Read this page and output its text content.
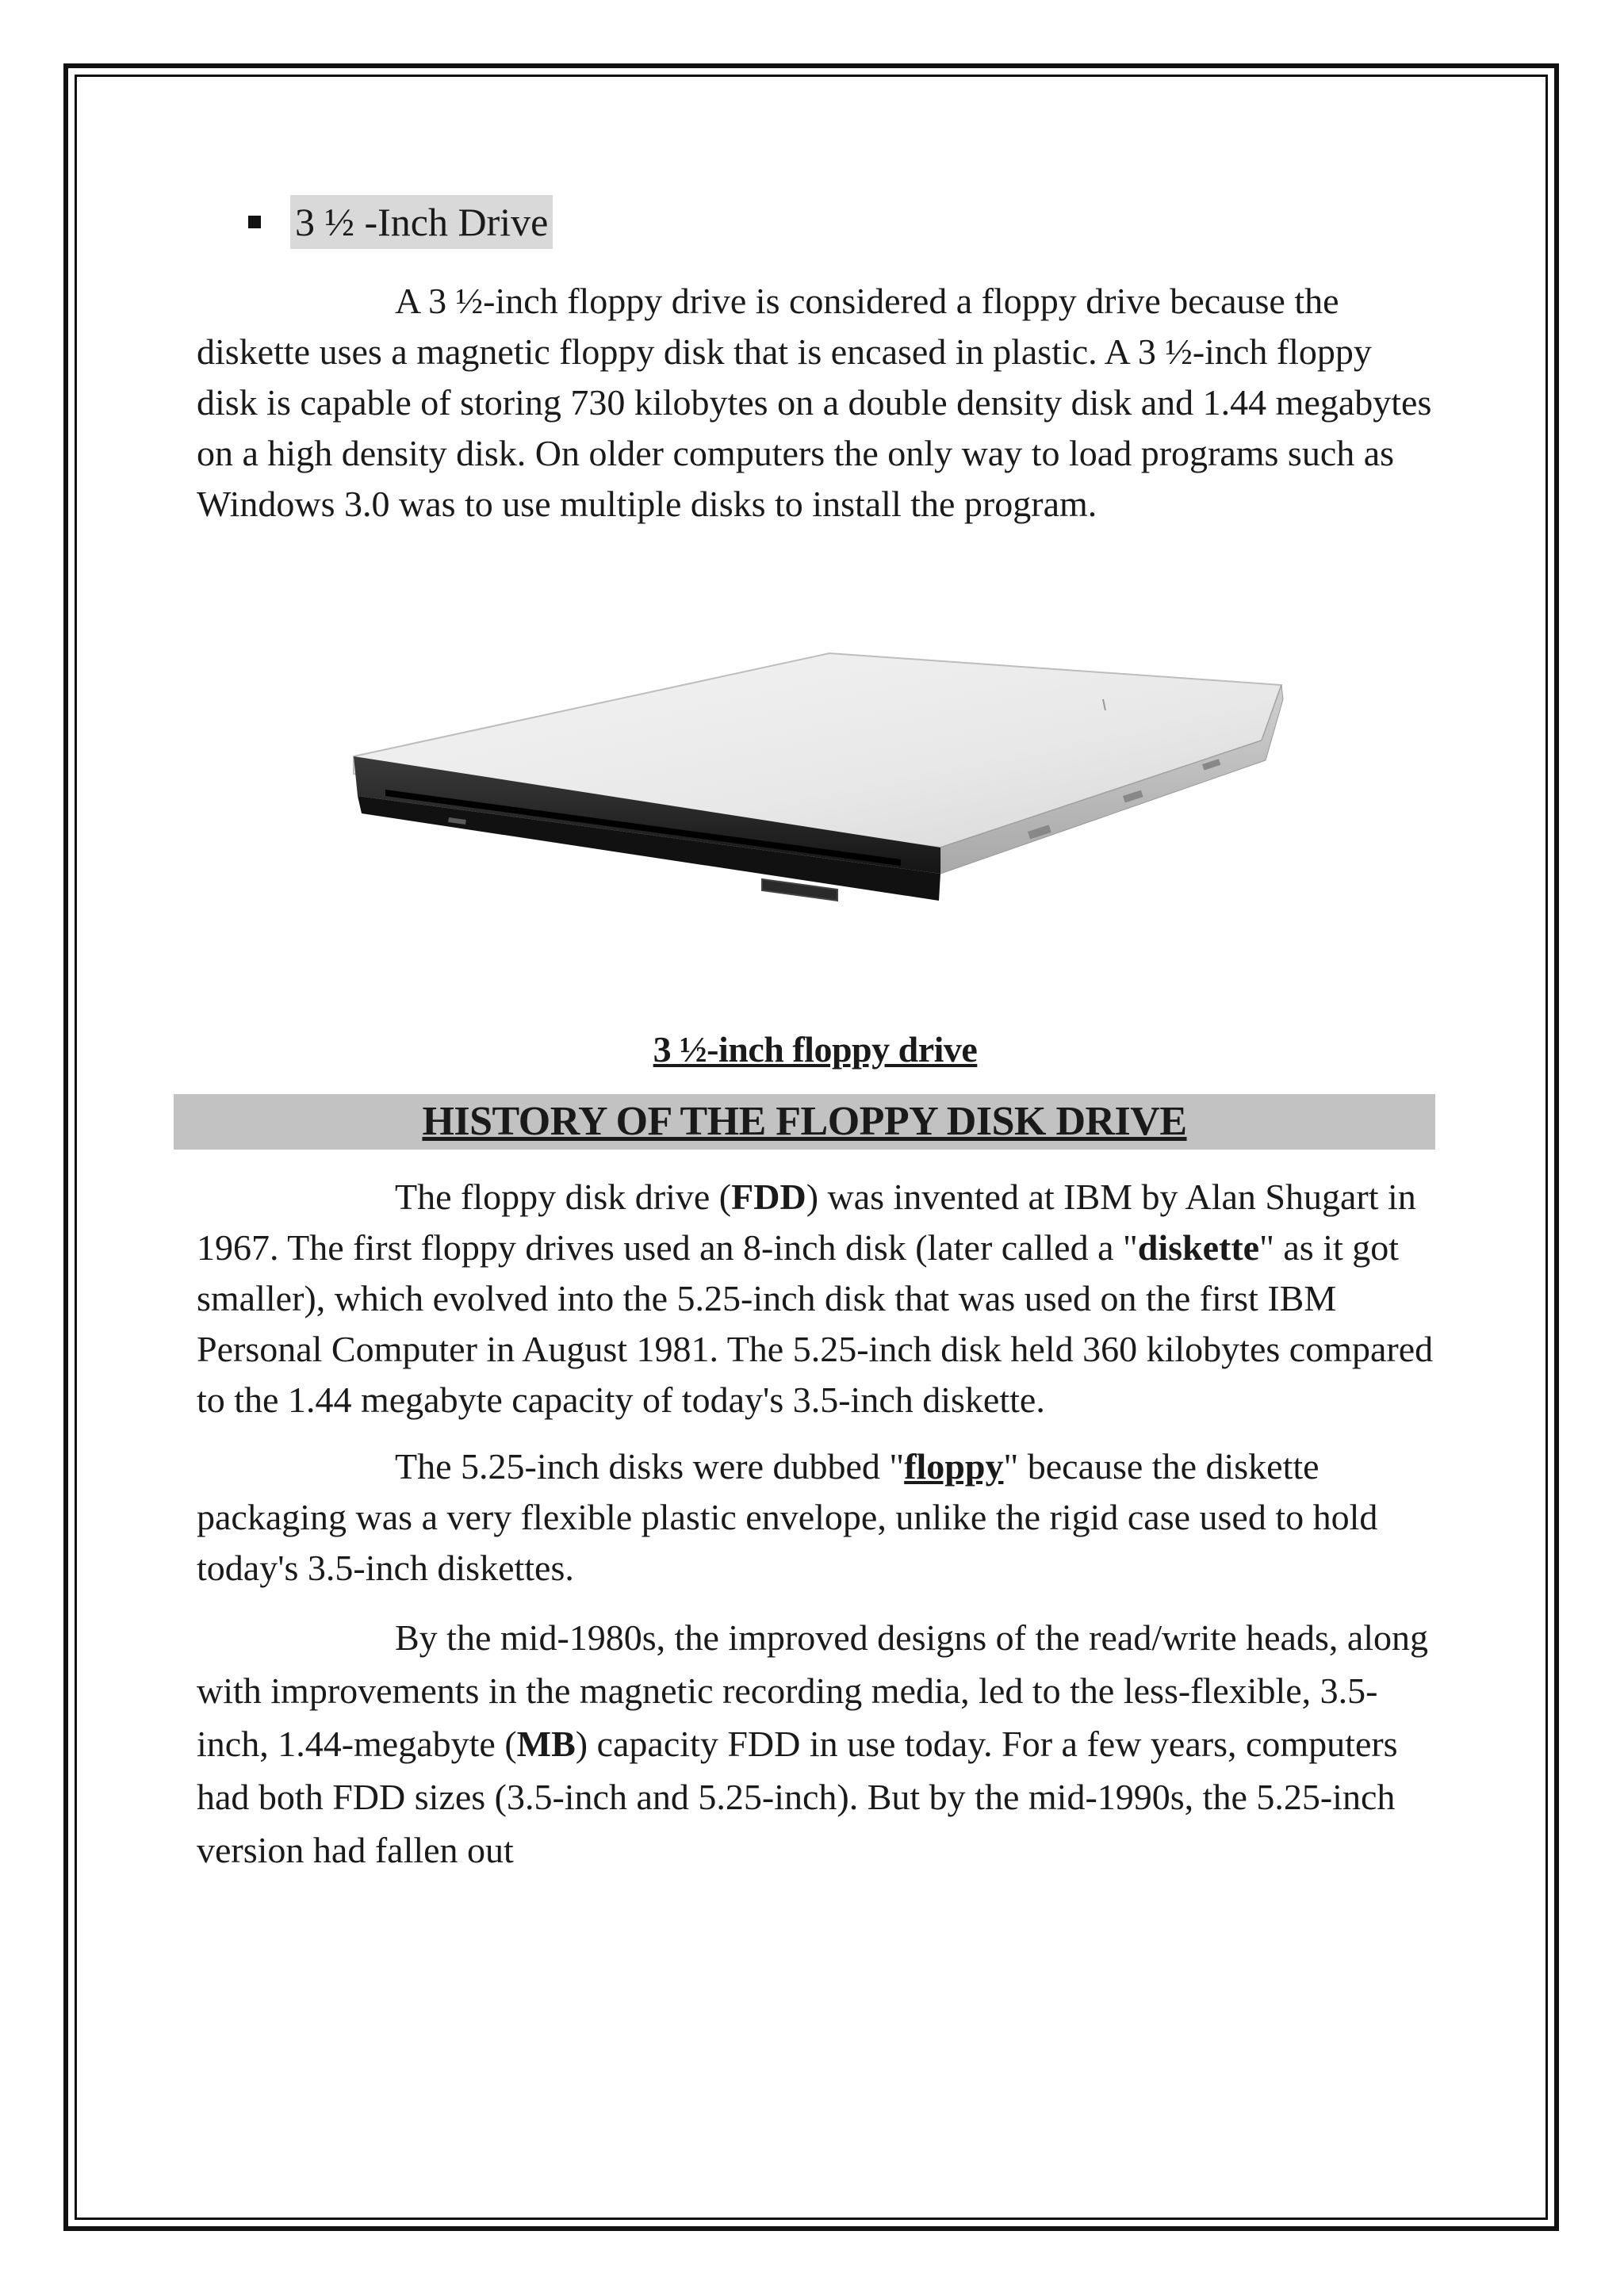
3 ½ -Inch Drive

A 3 ½-inch floppy drive is considered a floppy drive because the diskette uses a magnetic floppy disk that is encased in plastic. A 3 ½-inch floppy disk is capable of storing 730 kilobytes on a double density disk and 1.44 megabytes on a high density disk. On older computers the only way to load programs such as Windows 3.0 was to use multiple disks to install the program.

3 ½-inch floppy drive
HISTORY OF THE FLOPPY DISK DRIVE

The floppy disk drive (FDD) was invented at IBM by Alan Shugart in 1967. The first floppy drives used an 8-inch disk (later called a "diskette" as it got smaller), which evolved into the 5.25-inch disk that was used on the first IBM Personal Computer in August 1981. The 5.25-inch disk held 360 kilobytes compared to the 1.44 megabyte capacity of today's 3.5-inch diskette.

The 5.25-inch disks were dubbed "floppy" because the diskette packaging was a very flexible plastic envelope, unlike the rigid case used to hold today's 3.5-inch diskettes.

By the mid-1980s, the improved designs of the read/write heads, along with improvements in the magnetic recording media, led to the less-flexible, 3.5-inch, 1.44-megabyte (MB) capacity FDD in use today. For a few years, computers had both FDD sizes (3.5-inch and 5.25-inch). But by the mid-1990s, the 5.25-inch version had fallen out
